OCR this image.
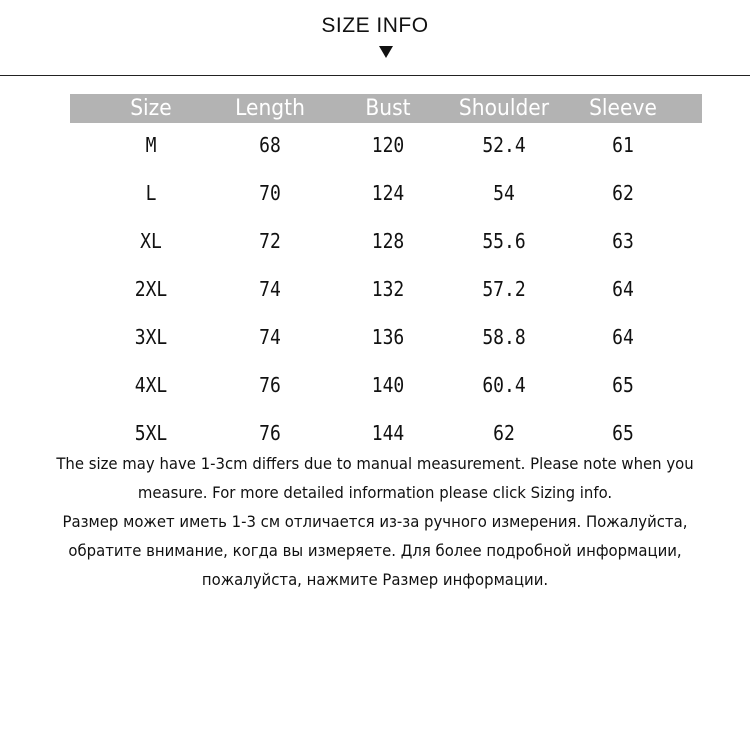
SIZE INFO
Size	Length	Bust	Shoulder	Sleeve
M	68	120	52.4	61
L	70	124	54	62
XL	72	128	55.6	63
2XL	74	132	57.2	64
3XL	74	136	58.8	64
4XL	76	140	60.4	65
5XL	76	144	62	65

The size may have 1-3cm differs due to manual measurement. Please note when you measure. For more detailed information please click Sizing info.

Размер может иметь 1-3 см отличается из-за ручного измерения. Пожалуйста, обратите внимание, когда вы измеряете. Для более подробной информации, пожалуйста, нажмите Размер информации.
